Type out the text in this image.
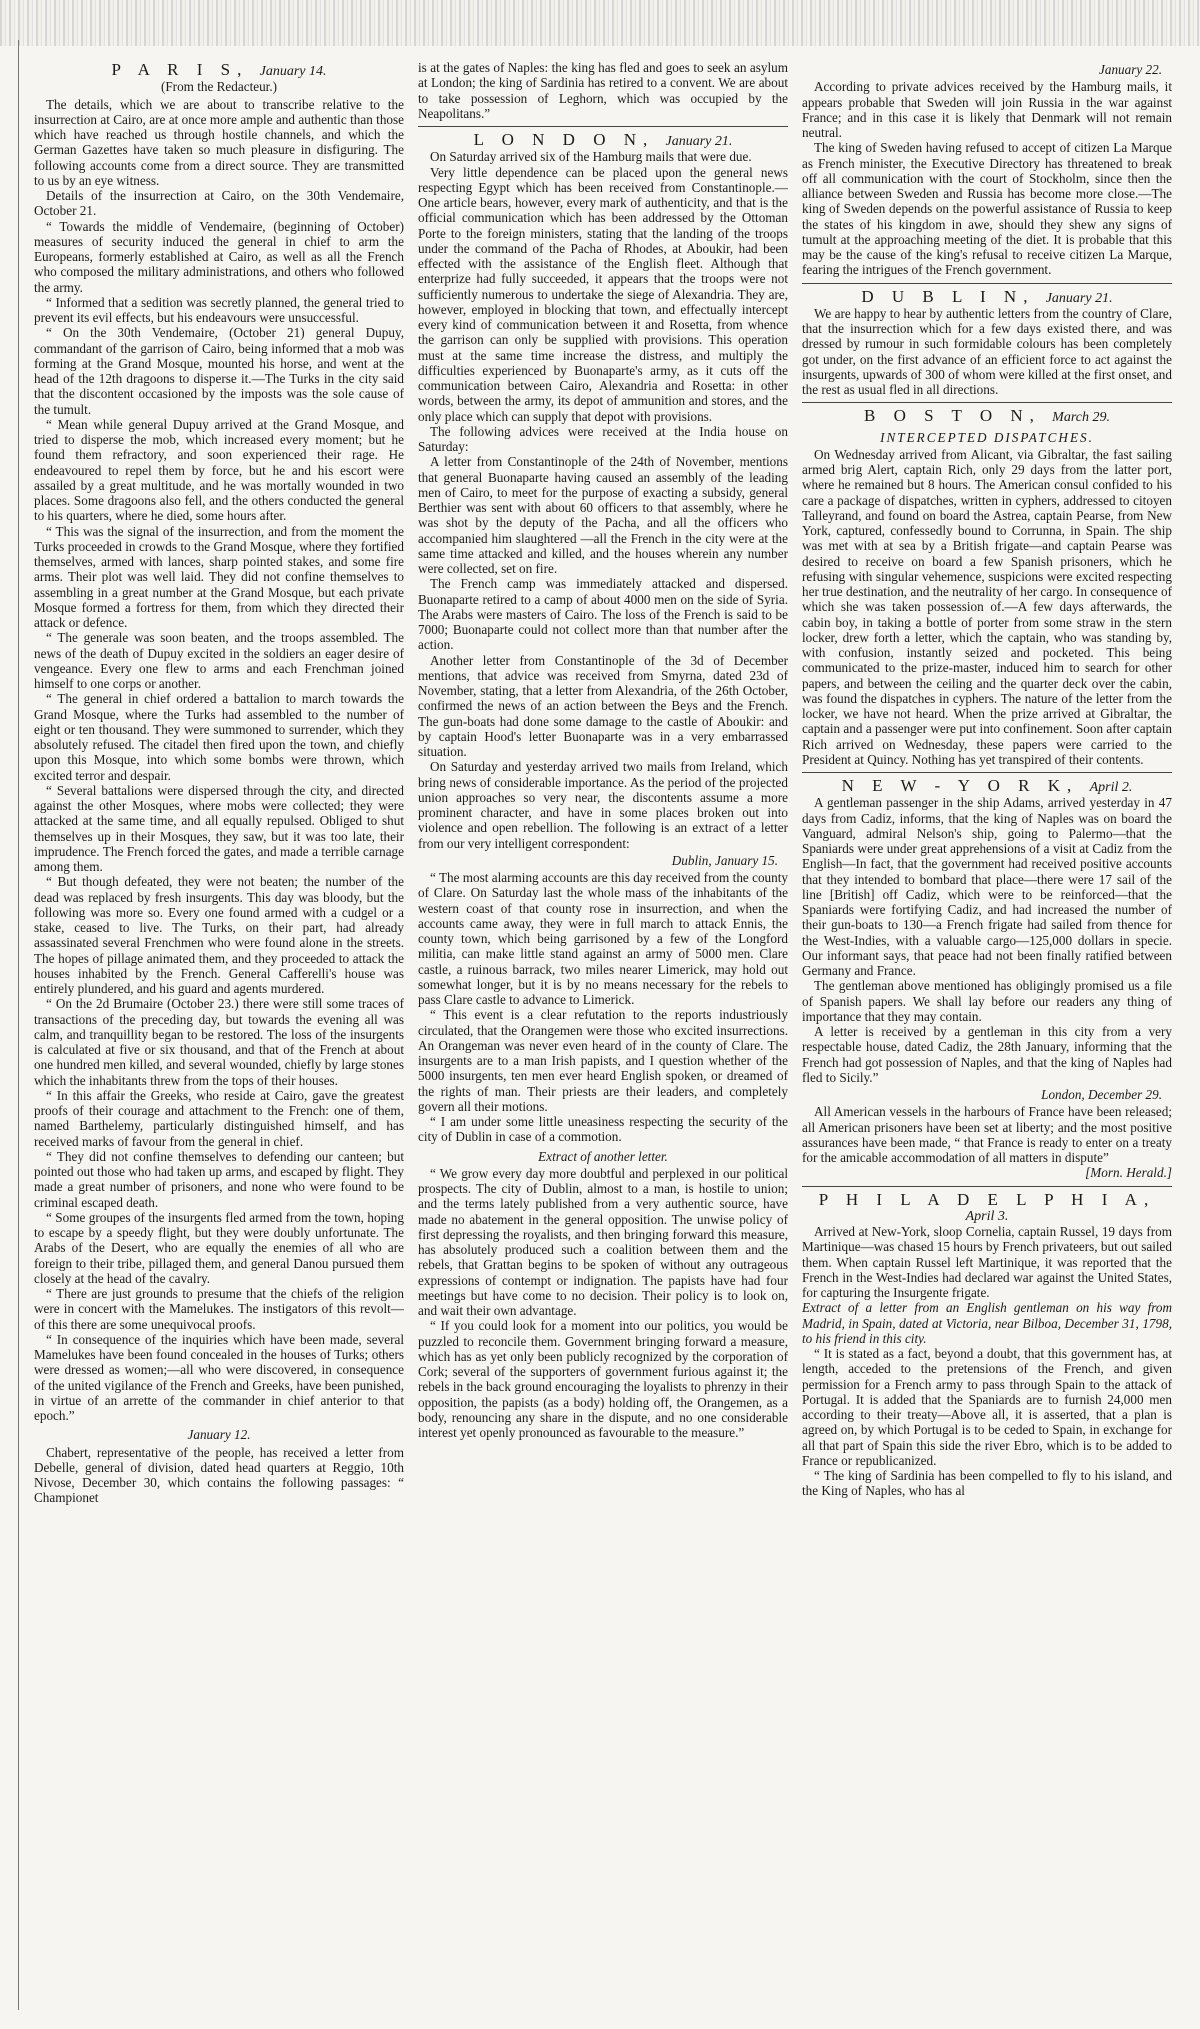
P A R I S, January 14.
(From the Redacteur.)

The details, which we are about to transcribe relative to the insurrection at Cairo, are at once more ample and authentic than those which have reached us through hostile channels, and which the German Gazettes have taken so much pleasure in disfiguring. The following accounts come from a direct source. They are transmitted to us by an eye witness.

Details of the insurrection at Cairo, on the 30th Vendemaire, October 21.

“ Towards the middle of Vendemaire, (beginning of October) measures of security induced the general in chief to arm the Europeans, formerly established at Cairo, as well as all the French who composed the military administrations, and others who followed the army.

“ Informed that a sedition was secretly planned, the general tried to prevent its evil effects, but his endeavours were unsuccessful.

“ On the 30th Vendemaire, (October 21) general Dupuy, commandant of the garrison of Cairo, being informed that a mob was forming at the Grand Mosque, mounted his horse, and went at the head of the 12th dragoons to disperse it.—The Turks in the city said that the discontent occasioned by the imposts was the sole cause of the tumult.

“ Mean while general Dupuy arrived at the Grand Mosque, and tried to disperse the mob, which increased every moment; but he found them refractory, and soon experienced their rage. He endeavoured to repel them by force, but he and his escort were assailed by a great multitude, and he was mortally wounded in two places. Some dragoons also fell, and the others conducted the general to his quarters, where he died, some hours after.

“ This was the signal of the insurrection, and from the moment the Turks proceeded in crowds to the Grand Mosque, where they fortified themselves, armed with lances, sharp pointed stakes, and some fire arms. Their plot was well laid. They did not confine themselves to assembling in a great number at the Grand Mosque, but each private Mosque formed a fortress for them, from which they directed their attack or defence.

“ The generale was soon beaten, and the troops assembled. The news of the death of Dupuy excited in the soldiers an eager desire of vengeance. Every one flew to arms and each Frenchman joined himself to one corps or another.

“ The general in chief ordered a battalion to march towards the Grand Mosque, where the Turks had assembled to the number of eight or ten thousand. They were summoned to surrender, which they absolutely refused. The citadel then fired upon the town, and chiefly upon this Mosque, into which some bombs were thrown, which excited terror and despair.

“ Several battalions were dispersed through the city, and directed against the other Mosques, where mobs were collected; they were attacked at the same time, and all equally repulsed. Obliged to shut themselves up in their Mosques, they saw, but it was too late, their imprudence. The French forced the gates, and made a terrible carnage among them.

“ But though defeated, they were not beaten; the number of the dead was replaced by fresh insurgents. This day was bloody, but the following was more so. Every one found armed with a cudgel or a stake, ceased to live. The Turks, on their part, had already assassinated several Frenchmen who were found alone in the streets. The hopes of pillage animated them, and they proceeded to attack the houses inhabited by the French. General Cafferelli's house was entirely plundered, and his guard and agents murdered.

“ On the 2d Brumaire (October 23.) there were still some traces of transactions of the preceding day, but towards the evening all was calm, and tranquillity began to be restored. The loss of the insurgents is calculated at five or six thousand, and that of the French at about one hundred men killed, and several wounded, chiefly by large stones which the inhabitants threw from the tops of their houses.

“ In this affair the Greeks, who reside at Cairo, gave the greatest proofs of their courage and attachment to the French: one of them, named Barthelemy, particularly distinguished himself, and has received marks of favour from the general in chief.

“ They did not confine themselves to defending our canteen; but pointed out those who had taken up arms, and escaped by flight. They made a great number of prisoners, and none who were found to be criminal escaped death.

“ Some groupes of the insurgents fled armed from the town, hoping to escape by a speedy flight, but they were doubly unfortunate. The Arabs of the Desert, who are equally the enemies of all who are foreign to their tribe, pillaged them, and general Danou pursued them closely at the head of the cavalry.

“ There are just grounds to presume that the chiefs of the religion were in concert with the Mamelukes. The instigators of this revolt—of this there are some unequivocal proofs.

“ In consequence of the inquiries which have been made, several Mamelukes have been found concealed in the houses of Turks; others were dressed as women;—all who were discovered, in consequence of the united vigilance of the French and Greeks, have been punished, in virtue of an arrette of the commander in chief anterior to that epoch.”

January 12.

Chabert, representative of the people, has received a letter from Debelle, general of division, dated head quarters at Reggio, 10th Nivose, December 30, which contains the following passages: “ Championet

is at the gates of Naples: the king has fled and goes to seek an asylum at London; the king of Sardinia has retired to a convent. We are about to take possession of Leghorn, which was occupied by the Neapolitans.”

L O N D O N, January 21.

On Saturday arrived six of the Hamburg mails that were due.

Very little dependence can be placed upon the general news respecting Egypt which has been received from Constantinople.—One article bears, however, every mark of authenticity, and that is the official communication which has been addressed by the Ottoman Porte to the foreign ministers, stating that the landing of the troops under the command of the Pacha of Rhodes, at Aboukir, had been effected with the assistance of the English fleet. Although that enterprize had fully succeeded, it appears that the troops were not sufficiently numerous to undertake the siege of Alexandria. They are, however, employed in blocking that town, and effectually intercept every kind of communication between it and Rosetta, from whence the garrison can only be supplied with provisions. This operation must at the same time increase the distress, and multiply the difficulties experienced by Buonaparte's army, as it cuts off the communication between Cairo, Alexandria and Rosetta: in other words, between the army, its depot of ammunition and stores, and the only place which can supply that depot with provisions.

The following advices were received at the India house on Saturday:

A letter from Constantinople of the 24th of November, mentions that general Buonaparte having caused an assembly of the leading men of Cairo, to meet for the purpose of exacting a subsidy, general Berthier was sent with about 60 officers to that assembly, where he was shot by the deputy of the Pacha, and all the officers who accompanied him slaughtered —all the French in the city were at the same time attacked and killed, and the houses wherein any number were collected, set on fire.

The French camp was immediately attacked and dispersed. Buonaparte retired to a camp of about 4000 men on the side of Syria. The Arabs were masters of Cairo. The loss of the French is said to be 7000; Buonaparte could not collect more than that number after the action.

Another letter from Constantinople of the 3d of December mentions, that advice was received from Smyrna, dated 23d of November, stating, that a letter from Alexandria, of the 26th October, confirmed the news of an action between the Beys and the French. The gun-boats had done some damage to the castle of Aboukir: and by captain Hood's letter Buonaparte was in a very embarrassed situation.

On Saturday and yesterday arrived two mails from Ireland, which bring news of considerable importance. As the period of the projected union approaches so very near, the discontents assume a more prominent character, and have in some places broken out into violence and open rebellion. The following is an extract of a letter from our very intelligent correspondent:

Dublin, January 15.

“ The most alarming accounts are this day received from the county of Clare. On Saturday last the whole mass of the inhabitants of the western coast of that county rose in insurrection, and when the accounts came away, they were in full march to attack Ennis, the county town, which being garrisoned by a few of the Longford militia, can make little stand against an army of 5000 men. Clare castle, a ruinous barrack, two miles nearer Limerick, may hold out somewhat longer, but it is by no means necessary for the rebels to pass Clare castle to advance to Limerick.

“ This event is a clear refutation to the reports industriously circulated, that the Orangemen were those who excited insurrections. An Orangeman was never even heard of in the county of Clare. The insurgents are to a man Irish papists, and I question whether of the 5000 insurgents, ten men ever heard English spoken, or dreamed of the rights of man. Their priests are their leaders, and completely govern all their motions.

“ I am under some little uneasiness respecting the security of the city of Dublin in case of a commotion.

Extract of another letter.

“ We grow every day more doubtful and perplexed in our political prospects. The city of Dublin, almost to a man, is hostile to union; and the terms lately published from a very authentic source, have made no abatement in the general opposition. The unwise policy of first depressing the royalists, and then bringing forward this measure, has absolutely produced such a coalition between them and the rebels, that Grattan begins to be spoken of without any outrageous expressions of contempt or indignation. The papists have had four meetings but have come to no decision. Their policy is to look on, and wait their own advantage.

“ If you could look for a moment into our politics, you would be puzzled to reconcile them. Government bringing forward a measure, which has as yet only been publicly recognized by the corporation of Cork; several of the supporters of government furious against it; the rebels in the back ground encouraging the loyalists to phrenzy in their opposition, the papists (as a body) holding off, the Orangemen, as a body, renouncing any share in the dispute, and no one considerable interest yet openly pronounced as favourable to the measure.”

January 22.

According to private advices received by the Hamburg mails, it appears probable that Sweden will join Russia in the war against France; and in this case it is likely that Denmark will not remain neutral.

The king of Sweden having refused to accept of citizen La Marque as French minister, the Executive Directory has threatened to break off all communication with the court of Stockholm, since then the alliance between Sweden and Russia has become more close.—The king of Sweden depends on the powerful assistance of Russia to keep the states of his kingdom in awe, should they shew any signs of tumult at the approaching meeting of the diet. It is probable that this may be the cause of the king's refusal to receive citizen La Marque, fearing the intrigues of the French government.

D U B L I N, January 21.

We are happy to hear by authentic letters from the country of Clare, that the insurrection which for a few days existed there, and was dressed by rumour in such formidable colours has been completely got under, on the first advance of an efficient force to act against the insurgents, upwards of 300 of whom were killed at the first onset, and the rest as usual fled in all directions.

B O S T O N, March 29.
INTERCEPTED DISPATCHES.

On Wednesday arrived from Alicant, via Gibraltar, the fast sailing armed brig Alert, captain Rich, only 29 days from the latter port, where he remained but 8 hours. The American consul confided to his care a package of dispatches, written in cyphers, addressed to citoyen Talleyrand, and found on board the Astrea, captain Pearse, from New York, captured, confessedly bound to Corrunna, in Spain. The ship was met with at sea by a British frigate—and captain Pearse was desired to receive on board a few Spanish prisoners, which he refusing with singular vehemence, suspicions were excited respecting her true destination, and the neutrality of her cargo. In consequence of which she was taken possession of.—A few days afterwards, the cabin boy, in taking a bottle of porter from some straw in the stern locker, drew forth a letter, which the captain, who was standing by, with confusion, instantly seized and pocketed. This being communicated to the prize-master, induced him to search for other papers, and between the ceiling and the quarter deck over the cabin, was found the dispatches in cyphers. The nature of the letter from the locker, we have not heard. When the prize arrived at Gibraltar, the captain and a passenger were put into confinement. Soon after captain Rich arrived on Wednesday, these papers were carried to the President at Quincy. Nothing has yet transpired of their contents.

N E W - Y O R K, April 2.

A gentleman passenger in the ship Adams, arrived yesterday in 47 days from Cadiz, informs, that the king of Naples was on board the Vanguard, admiral Nelson's ship, going to Palermo—that the Spaniards were under great apprehensions of a visit at Cadiz from the English—In fact, that the government had received positive accounts that they intended to bombard that place—there were 17 sail of the line [British] off Cadiz, which were to be reinforced—that the Spaniards were fortifying Cadiz, and had increased the number of their gun-boats to 130—a French frigate had sailed from thence for the West-Indies, with a valuable cargo—125,000 dollars in specie. Our informant says, that peace had not been finally ratified between Germany and France.

The gentleman above mentioned has obligingly promised us a file of Spanish papers. We shall lay before our readers any thing of importance that they may contain.

A letter is received by a gentleman in this city from a very respectable house, dated Cadiz, the 28th January, informing that the French had got possession of Naples, and that the king of Naples had fled to Sicily.”

London, December 29.

All American vessels in the harbours of France have been released; all American prisoners have been set at liberty; and the most positive assurances have been made, “ that France is ready to enter on a treaty for the amicable accommodation of all matters in dispute”

[Morn. Herald.]
P H I L A D E L P H I A, April 3.

Arrived at New-York, sloop Cornelia, captain Russel, 19 days from Martinique—was chased 15 hours by French privateers, but out sailed them. When captain Russel left Martinique, it was reported that the French in the West-Indies had declared war against the United States, for capturing the Insurgente frigate.

Extract of a letter from an English gentleman on his way from Madrid, in Spain, dated at Victoria, near Bilboa, December 31, 1798, to his friend in this city.

“ It is stated as a fact, beyond a doubt, that this government has, at length, acceded to the pretensions of the French, and given permission for a French army to pass through Spain to the attack of Portugal. It is added that the Spaniards are to furnish 24,000 men according to their treaty—Above all, it is asserted, that a plan is agreed on, by which Portugal is to be ceded to Spain, in exchange for all that part of Spain this side the river Ebro, which is to be added to France or republicanized.

“ The king of Sardinia has been compelled to fly to his island, and the King of Naples, who has al
